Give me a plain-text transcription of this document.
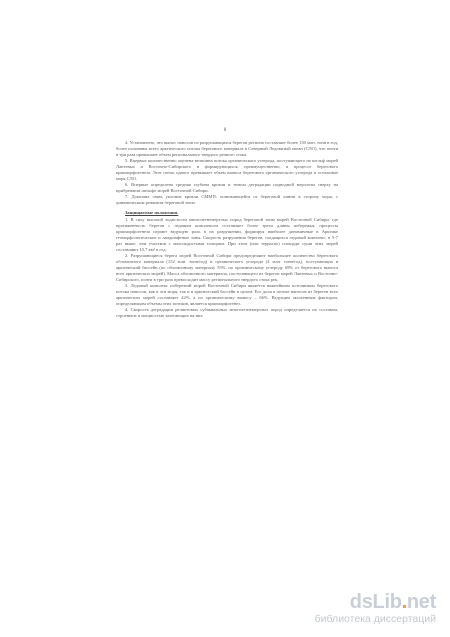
8

4. Установлено, что вынос наносов из разрушающихся берегов региона составляет более 130 млн. тонн в год, более половины всего арктического потока берегового материала в Северный Ледовитый океан (СЛО), что почти в три раза превышает объем регионального твердого речного стока.

5. Впервые количественно оценена величина потока органического углерода, поступающего на шельф морей Лаптевых и Восточно-Сибирского в формирующихся, преимущественно, в процессе берегового криоморфогенеза. Этот поток одного превышает объем выноса берегового органического углерода в остальные моря СЛО.

6. Впервые определена средняя глубина кровли и темпы деградации подводной мерзлоты сверху на прибрежном шельфе морей Восточной Сибири.

7. Доказана связь уклонов кровли СММП, понижающейся от береговой линии в сторону моря, с динамическим режимом береговой зоны.

Защищаемые положения.

1. В силу высокой льдистости многолетнемерзлых пород береговой зоны морей Восточной Сибири, где протяженность берегов с ледовым комплексом составляет более трети длины побережья, процессы криоморфогенеза играют ведущую роль в их разрушении, формируя наиболее динамичные в Арктике геоморфологические и ландшафтные зоны. Скорость разрушения берегов, сходящихся ледовый комплекс, в 5-7 раз выше, чем участков с малольдистыми толщами. При этом (или террасах) площади суши этих морей составляют 10,7 км² в год.

2. Разрушающиеся берега морей Восточной Сибири предопределяют наибольшее количество берегового обломочного материала (152 млн. тонн/год) и органического углерода (4 млн. тонн/год), поступающих в арктический бассейн (по обломочному материалу 55%, по органическому углероду 69% от берегового выноса всех арктических морей). Масса обломочного материала, поступающего из берегов морей Лаптевых и Восточно-Сибирского, почти в три раза превосходит массу регионального твердого стока рек.

3. Ледовый комплекс побережий морей Восточной Сибири является важнейшим источником берегового потока наносов, как в эти моря, так и в арктический бассейн в целом. Его доля в потоке наносов из берегов всех арктических морей составляет 42%, а по органическому выносу – 66%. Ведущим экзогенным фактором, определяющим объемы этих потоков, является криоморфогенез.

4. Скорость деградации реликтовых субаквальных многолетнемерзлых пород определяется их составом, строением и мощностью залегающих на них

dsLib.net
библиотека диссертаций
